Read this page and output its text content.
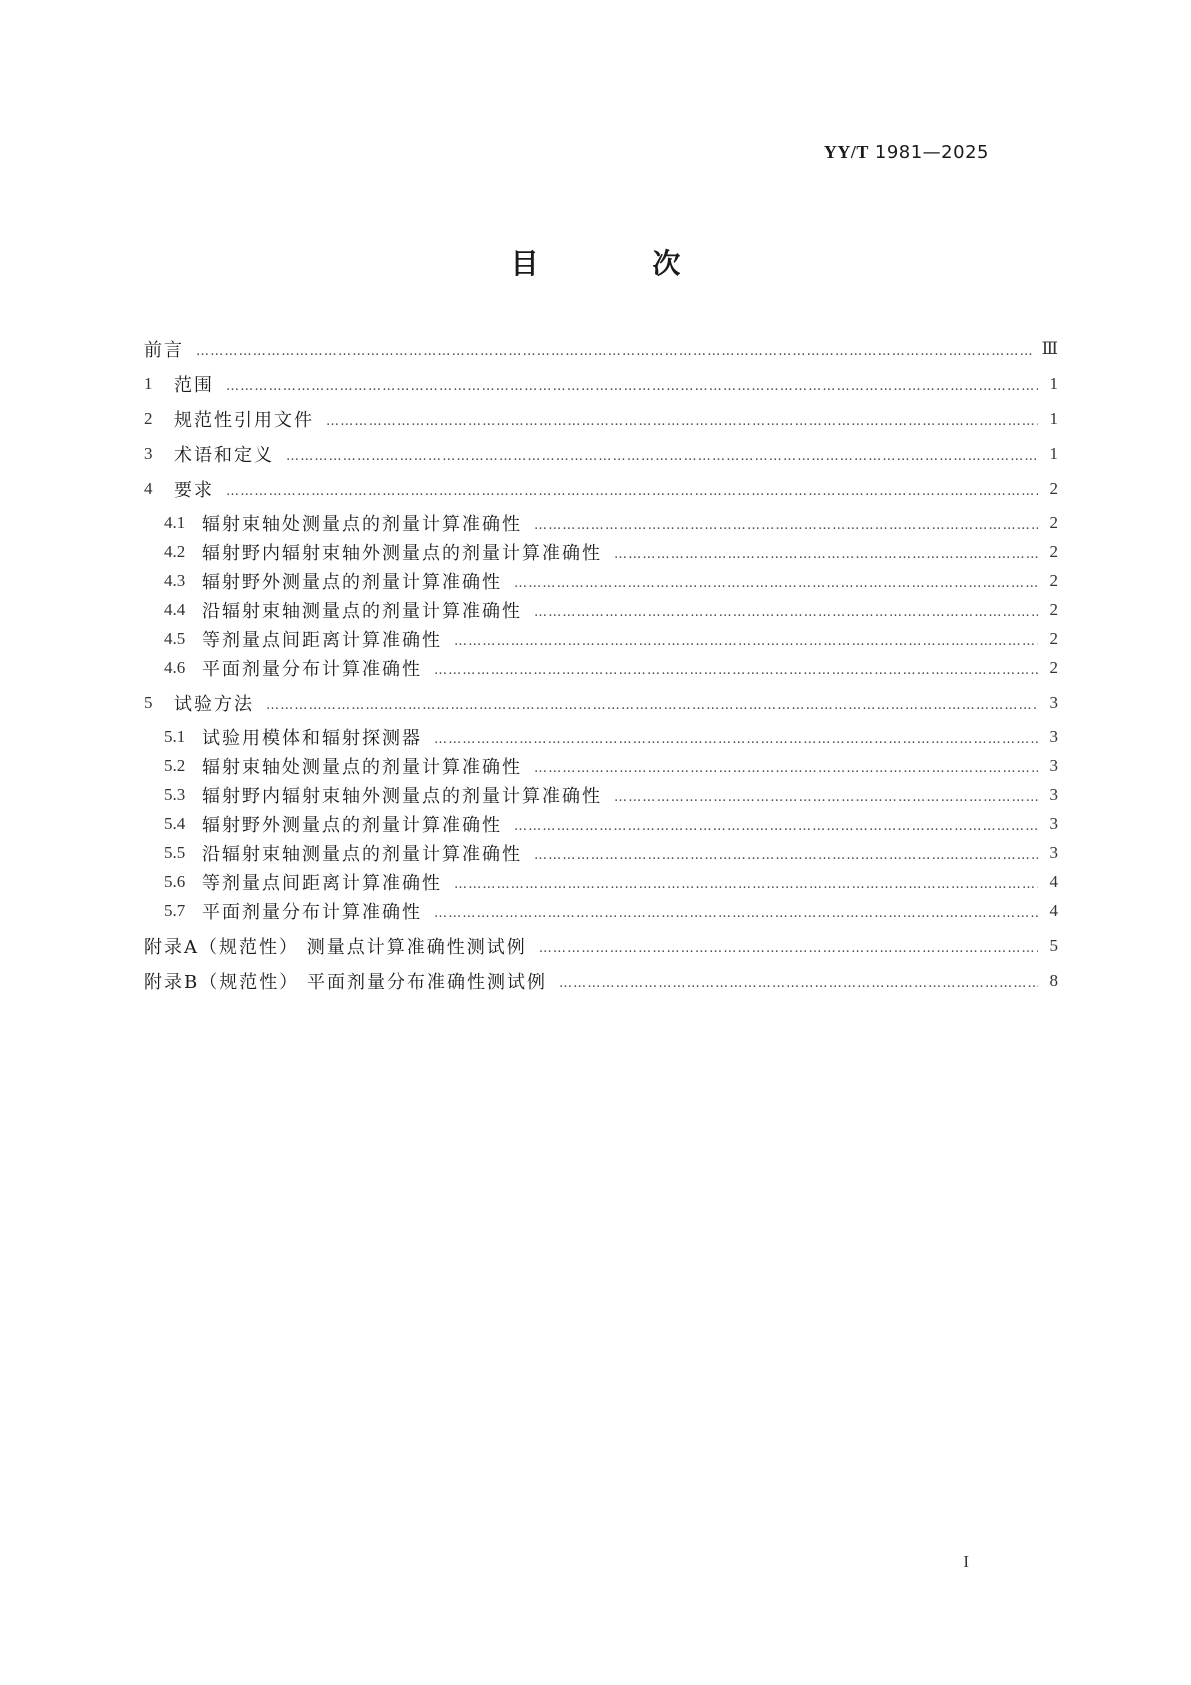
YY/T 1981—2025
目 次
前言 ……………………………………………………………………………………………………………………………………………………………………………………………………………………………………………………	Ⅲ
1	范围 ……………………………………………………………………………………………………………………………………………………………………………………………………………………………………………………	1
2	规范性引用文件 ……………………………………………………………………………………………………………………………………………………………………………………………………………………………………………………	1
3	术语和定义 ……………………………………………………………………………………………………………………………………………………………………………………………………………………………………………………	1
4	要求 ……………………………………………………………………………………………………………………………………………………………………………………………………………………………………………………	2
4.1 辐射束轴处测量点的剂量计算准确性 ……………………………………………………………………………………………………………………………………………………………………………………………………………………………………………………	2
4.2 辐射野内辐射束轴外测量点的剂量计算准确性 ……………………………………………………………………………………………………………………………………………………………………………………………………………………………………………………	2
4.3 辐射野外测量点的剂量计算准确性 ……………………………………………………………………………………………………………………………………………………………………………………………………………………………………………………	2
4.4 沿辐射束轴测量点的剂量计算准确性 ……………………………………………………………………………………………………………………………………………………………………………………………………………………………………………………	2
4.5 等剂量点间距离计算准确性 ……………………………………………………………………………………………………………………………………………………………………………………………………………………………………………………	2
4.6 平面剂量分布计算准确性 ……………………………………………………………………………………………………………………………………………………………………………………………………………………………………………………	2
5	试验方法 ……………………………………………………………………………………………………………………………………………………………………………………………………………………………………………………	3
5.1 试验用模体和辐射探测器 ……………………………………………………………………………………………………………………………………………………………………………………………………………………………………………………	3
5.2 辐射束轴处测量点的剂量计算准确性 ……………………………………………………………………………………………………………………………………………………………………………………………………………………………………………………	3
5.3 辐射野内辐射束轴外测量点的剂量计算准确性 ……………………………………………………………………………………………………………………………………………………………………………………………………………………………………………………	3
5.4 辐射野外测量点的剂量计算准确性 ……………………………………………………………………………………………………………………………………………………………………………………………………………………………………………………	3
5.5 沿辐射束轴测量点的剂量计算准确性 ……………………………………………………………………………………………………………………………………………………………………………………………………………………………………………………	3
5.6 等剂量点间距离计算准确性 ……………………………………………………………………………………………………………………………………………………………………………………………………………………………………………………	4
5.7 平面剂量分布计算准确性 ……………………………………………………………………………………………………………………………………………………………………………………………………………………………………………………	4
附录A（规范性） 测量点计算准确性测试例 ……………………………………………………………………………………………………………………………………………………………………………………………………………………………………………………	5
附录B（规范性） 平面剂量分布准确性测试例 ……………………………………………………………………………………………………………………………………………………………………………………………………………………………………………………	8
I
